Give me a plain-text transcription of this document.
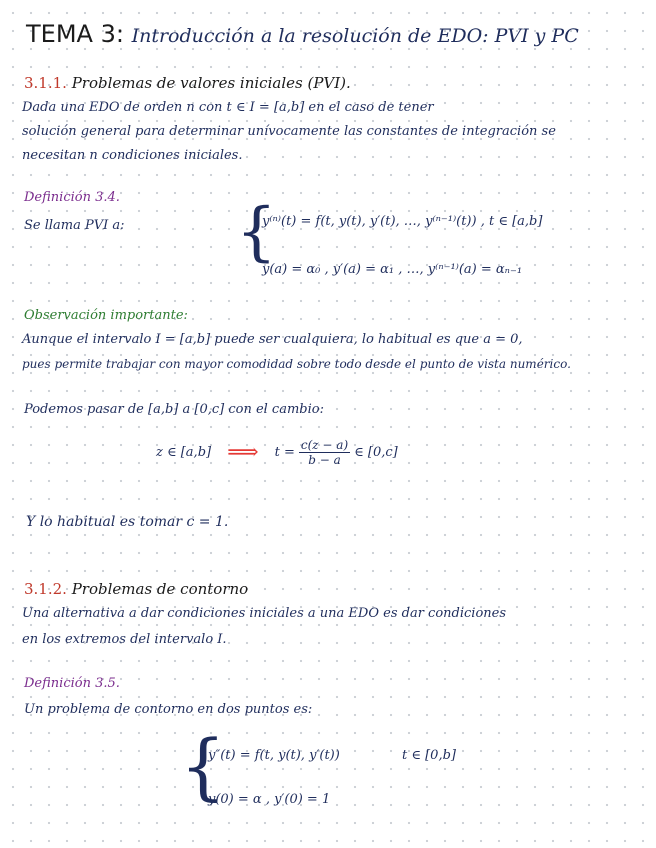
TEMA 3: Introducción a la resolución de EDO: PVI y PC
3.1.1. Problemas de valores iniciales (PVI).
Dada una EDO de orden n con t ∈ I = [a,b] en el caso de tener
solución general para determinar unívocamente las constantes de integración se
necesitan n condiciones iniciales.
Definición 3.4.
Se llama PVI a: {
y⁽ⁿ⁾(t) = f(t, y(t), y′(t), …, y⁽ⁿ⁻¹⁾(t)) , t ∈ [a,b]
y(a) = α₀ , y′(a) = α₁ , …, y⁽ⁿ⁻¹⁾(a) = αₙ₋₁
Observación importante:
Aunque el intervalo I = [a,b] puede ser cualquiera, lo habitual es que a = 0,
pues permite trabajar con mayor comodidad sobre todo desde el punto de vista numérico.
Podemos pasar de [a,b] a [0,c] con el cambio:
z ∈ [a,b] ⟹ $t = \frac{c(z - a)}{b - a}$ ∈ [0,c]
Y lo habitual es tomar c = 1.
3.1.2. Problemas de contorno
Una alternativa a dar condiciones iniciales a una EDO es dar condiciones
en los extremos del intervalo I.
Definición 3.5.
Un problema de contorno en dos puntos es:
{
y″(t) = f(t, y(t), y′(t))	t ∈ [0,b]
y(0) = α , y′(0) = 1
